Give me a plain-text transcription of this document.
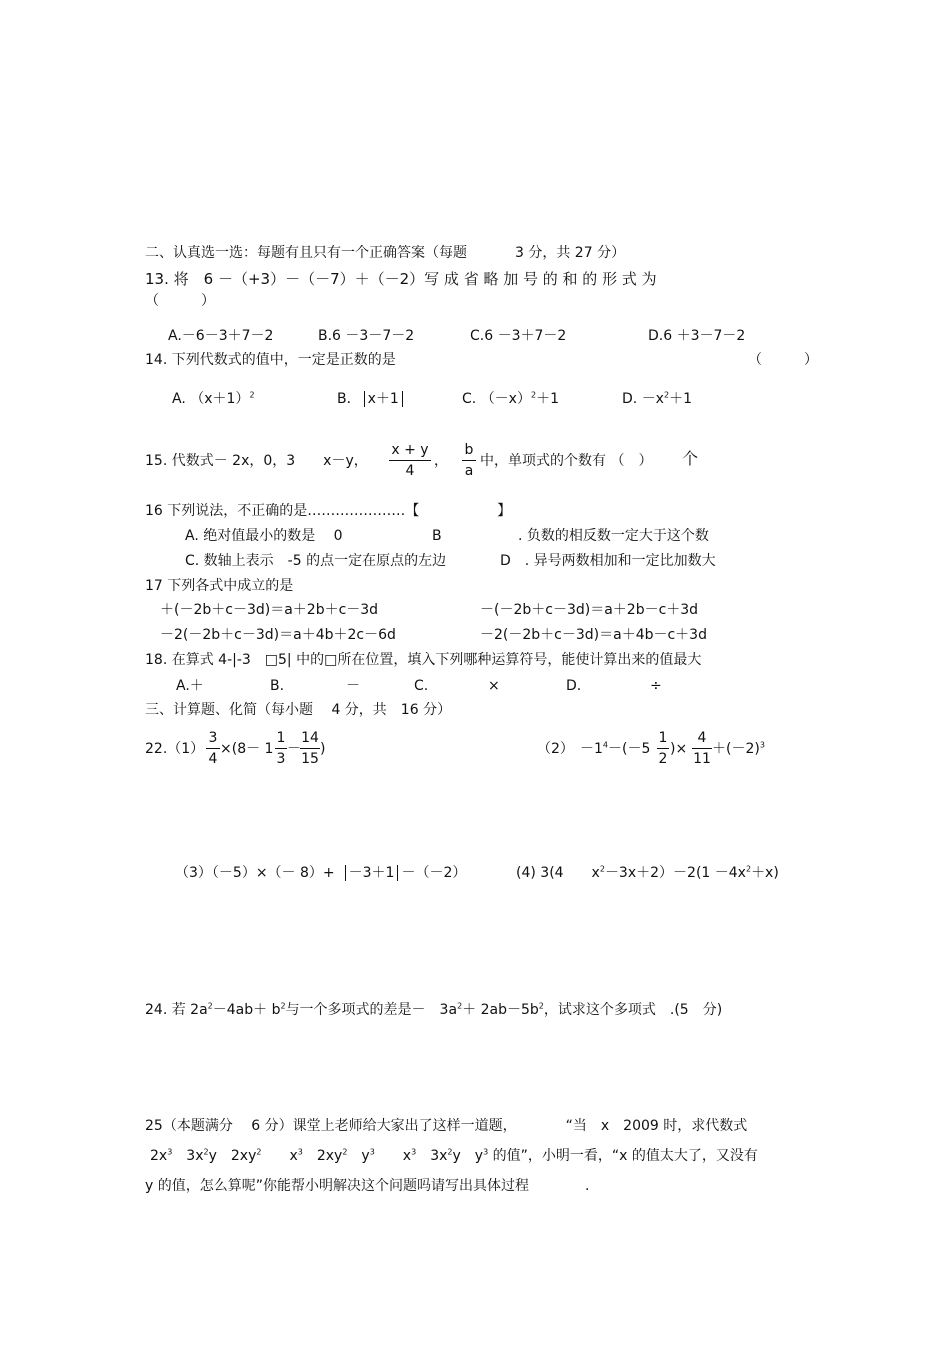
二、认真选一选：每题有且只有一个正确答案（每题	3 分，共 27 分）
13. 将　6 －（+3）－（－7）＋（－2）写 成 省 略 加 号 的 和 的 形 式 为
（　　　）
A.－6－3＋7－2	B.6 －3－7－2	C.6 －3＋7－2	D.6 ＋3－7－2
14. 下列代数式的值中，一定是正数的是	（　　　）
A. $(x+1)^2$	B． x＋1	C. $(-x)^2+1$	D. $-x^2+1$
15. 代数式－ 2x，0，3　　x－y，
x + y
4
，
b
a
中，单项式的个数有 （　） 个
16 下列说法，不正确的是…………………【	】
A. 绝对值最小的数是　 0	B	. 负数的相反数一定大于这个数
C. 数轴上表示　-5 的点一定在原点的左边	D　. 异号两数相加和一定比加数大
17 下列各式中成立的是
＋(－2b＋c－3d)＝a＋2b＋c－3d	－(－2b＋c－3d)＝a＋2b－c＋3d
－2(－2b＋c－3d)＝a＋4b＋2c－6d	－2(－2b＋c－3d)＝a＋4b－c＋3d
18. 在算式 4-|-3　□5| 中的□所在位置，填入下列哪种运算符号，能使计算出来的值最大
A.＋	B.	－	C.	×	D.	÷
三、计算题、化简（每小题　 4 分，共　16 分）
22.（1）
3
4
×(8－ 1
1
3
－
14
15
)	$(2) -1^4-(-5$
1
2
)×
4
11
$+(-2)^3$
（3）（－5）×（－ 8）+ －3＋1 －（－2）	(4) 3(4　　$x^2-3x+2)-2(1 -4x^2+x)$
24. 若 $2a^2-4ab+ b^2$与一个多项式的差是－　$3a^2+ 2ab-5b^2$，试求这个多项式　.(5　分)
25（本题满分　 6 分）课堂上老师给大家出了这样一道题，　　　　“当　x　2009 时，求代数式
$2x^3$　$3x^2y$　$2xy^2$　　$x^3$　$2xy^2$　$y^3$　　$x^3$　$3x^2y$　$y^3$ 的值”，小明一看，“x 的值太大了，又没有
y 的值，怎么算呢”你能帮小明解决这个问题吗请写出具体过程　　　　.
